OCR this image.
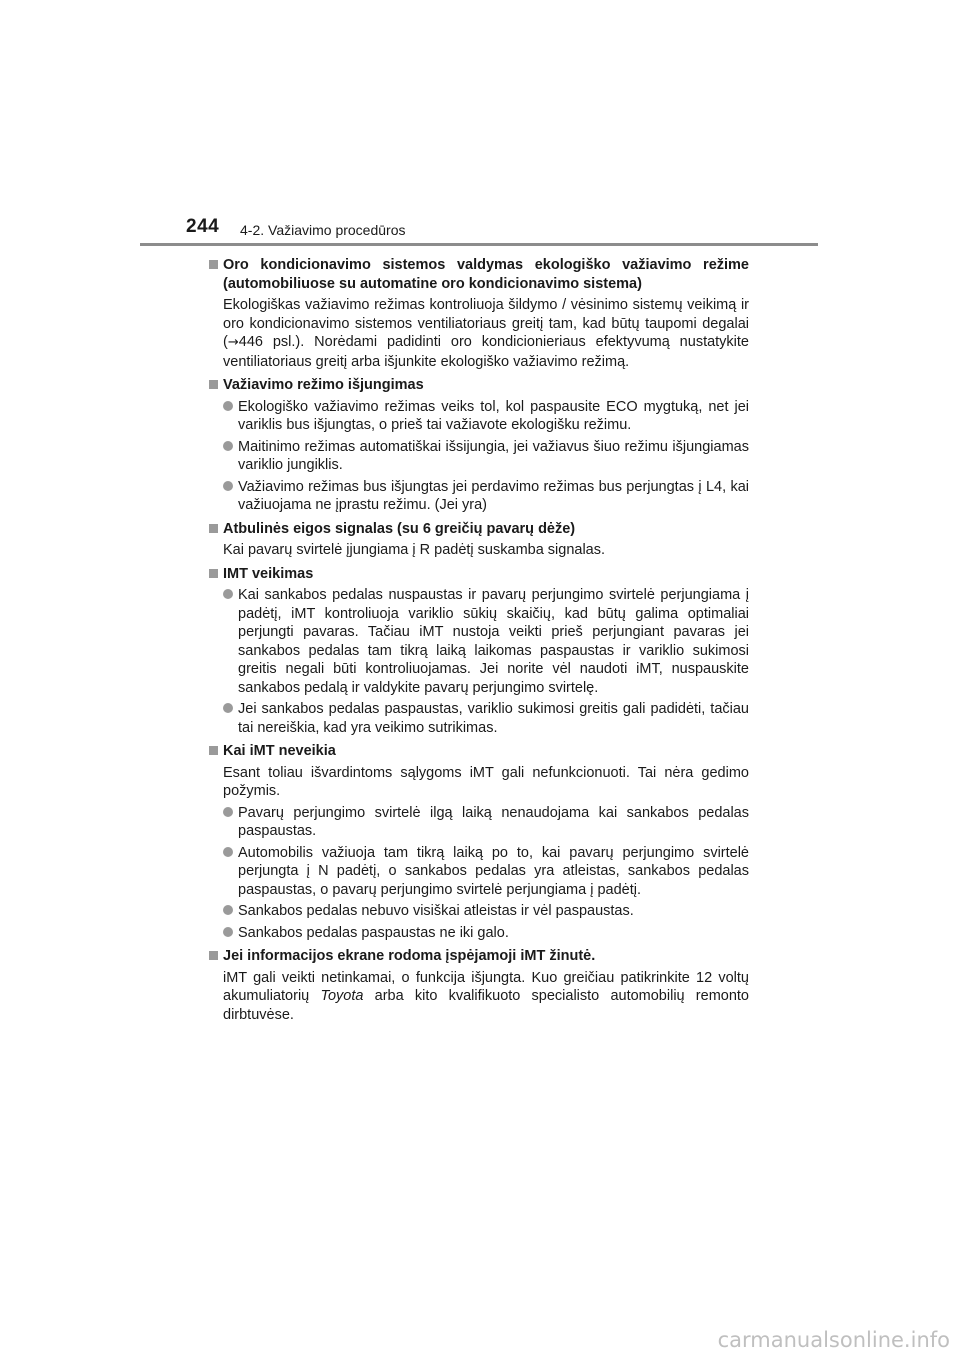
244 4-2. Važiavimo procedūros
Oro kondicionavimo sistemos valdymas ekologiško važiavimo režime (automobiliuose su automatine oro kondicionavimo sistema)
Ekologiškas važiavimo režimas kontroliuoja šildymo / vėsinimo sistemų veikimą ir oro kondicionavimo sistemos ventiliatoriaus greitį tam, kad būtų taupomi degalai (→446 psl.). Norėdami padidinti oro kondicionieriaus efektyvumą nustatykite ventiliatoriaus greitį arba išjunkite ekologiško važiavimo režimą.
Važiavimo režimo išjungimas
Ekologiško važiavimo režimas veiks tol, kol paspausite ECO mygtuką, net jei variklis bus išjungtas, o prieš tai važiavote ekologišku režimu.
Maitinimo režimas automatiškai išsijungia, jei važiavus šiuo režimu išjungiamas variklio jungiklis.
Važiavimo režimas bus išjungtas jei perdavimo režimas bus perjungtas į L4, kai važiuojama ne įprastu režimu. (Jei yra)
Atbulinės eigos signalas (su 6 greičių pavarų dėže)
Kai pavarų svirtelė įjungiama į R padėtį suskamba signalas.
IMT veikimas
Kai sankabos pedalas nuspaustas ir pavarų perjungimo svirtelė perjungiama į padėtį, iMT kontroliuoja variklio sūkių skaičių, kad būtų galima optimaliai perjungti pavaras. Tačiau iMT nustoja veikti prieš perjungiant pavaras jei sankabos pedalas tam tikrą laiką laikomas paspaustas ir variklio sukimosi greitis negali būti kontroliuojamas. Jei norite vėl naudoti iMT, nuspauskite sankabos pedalą ir valdykite pavarų perjungimo svirtelę.
Jei sankabos pedalas paspaustas, variklio sukimosi greitis gali padidėti, tačiau tai nereiškia, kad yra veikimo sutrikimas.
Kai iMT neveikia
Esant toliau išvardintoms sąlygoms iMT gali nefunkcionuoti. Tai nėra gedimo požymis.
Pavarų perjungimo svirtelė ilgą laiką nenaudojama kai sankabos pedalas paspaustas.
Automobilis važiuoja tam tikrą laiką po to, kai pavarų perjungimo svirtelė perjungta į N padėtį, o sankabos pedalas yra atleistas, sankabos pedalas paspaustas, o pavarų perjungimo svirtelė perjungiama į padėtį.
Sankabos pedalas nebuvo visiškai atleistas ir vėl paspaustas.
Sankabos pedalas paspaustas ne iki galo.
Jei informacijos ekrane rodoma įspėjamoji iMT žinutė.
iMT gali veikti netinkamai, o funkcija išjungta. Kuo greičiau patikrinkite 12 voltų akumuliatorių Toyota arba kito kvalifikuoto specialisto automobilių remonto dirbtuvėse.
carmanualsonline.info
